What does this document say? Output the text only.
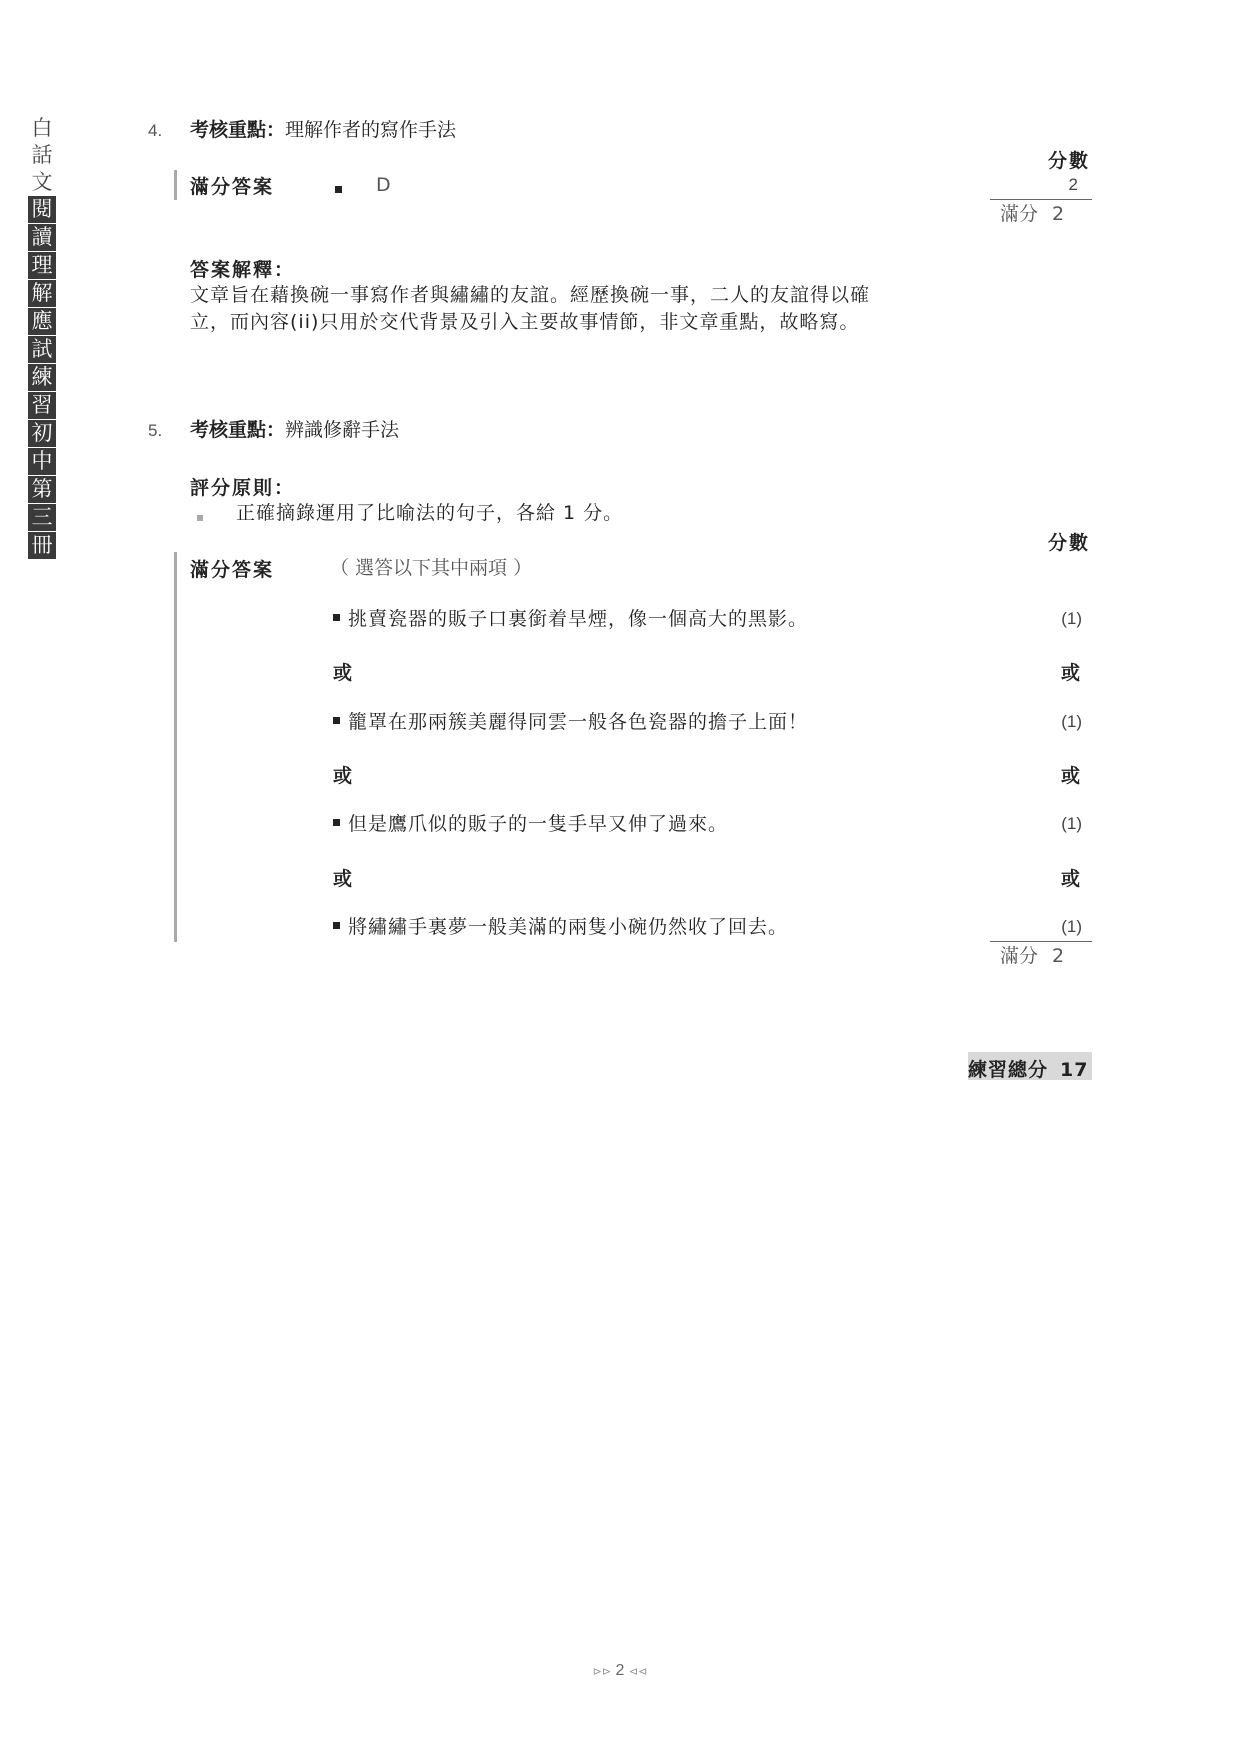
白
話
文
閱
讀
理
解
應
試
練
習
初
中
第
三
冊
4. 考核重點：理解作者的寫作手法
分數
滿分答案	D	2
滿分 2
答案解釋：
文章旨在藉換碗一事寫作者與繡繡的友誼。經歷換碗一事，二人的友誼得以確
立，而內容(ii)只用於交代背景及引入主要故事情節，非文章重點，故略寫。
5. 考核重點：辨識修辭手法
評分原則：
正確摘錄運用了比喻法的句子，各給 1 分。
分數
滿分答案	（ 選答以下其中兩項 ）
挑賣瓷器的販子口裏銜着旱煙，像一個高大的黑影。	(1)
或	或
籠罩在那兩簇美麗得同雲一般各色瓷器的擔子上面！	(1)
或	或
但是鷹爪似的販子的一隻手早又伸了過來。	(1)
或	或
將繡繡手裏夢一般美滿的兩隻小碗仍然收了回去。	(1)
滿分 2
練習總分 17
⊳⊳ 2 ⊲⊲
